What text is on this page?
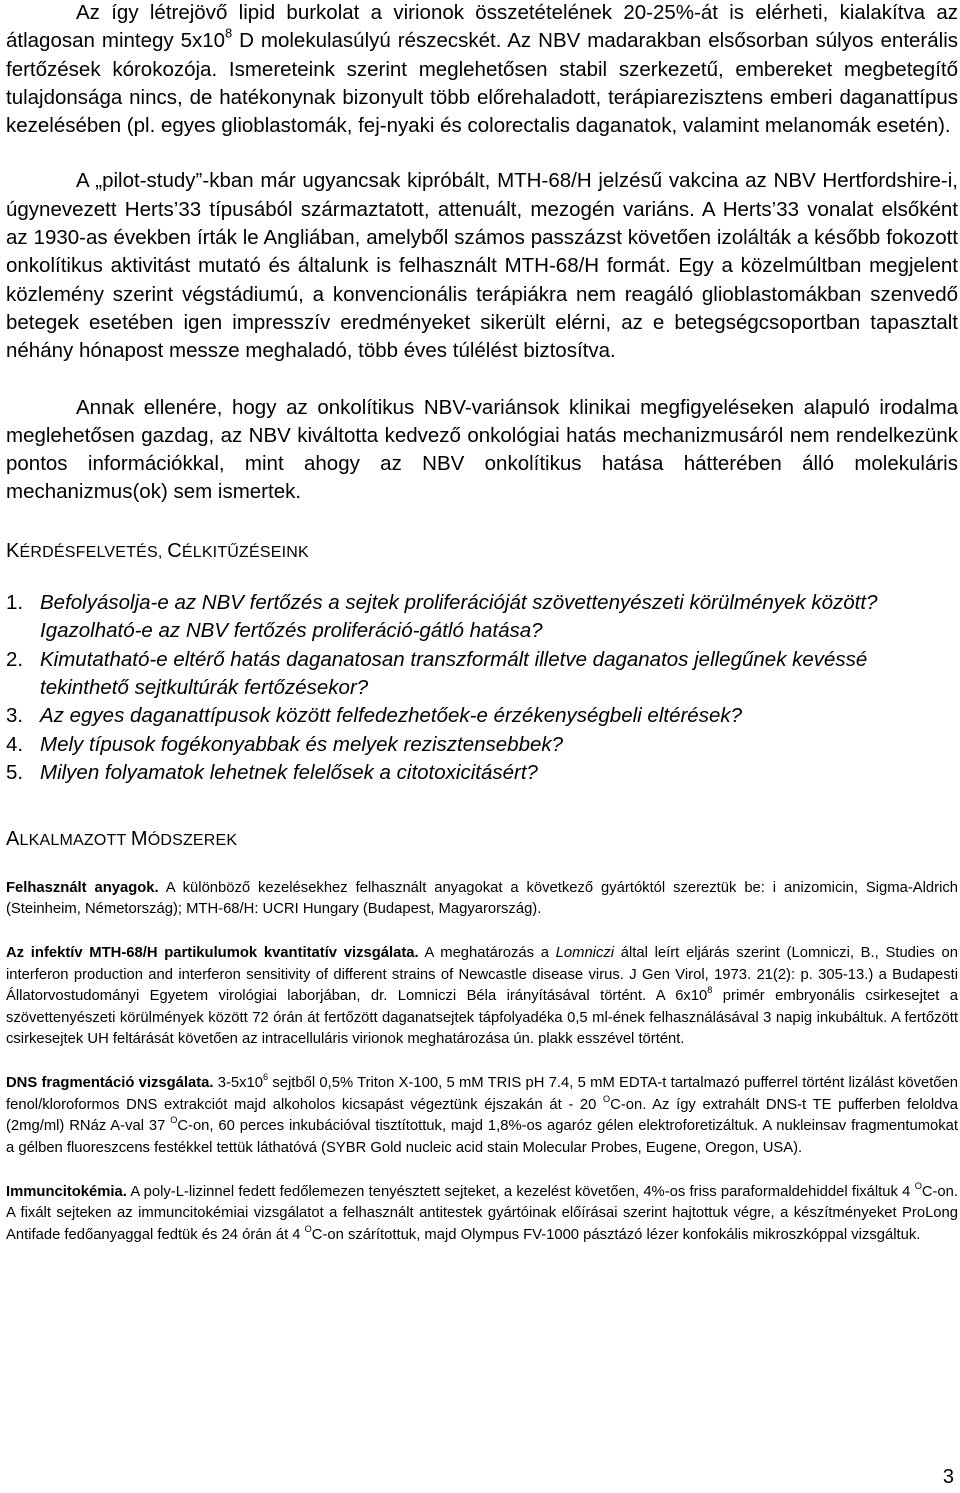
Az így létrejövő lipid burkolat a virionok összetételének 20-25%-át is elérheti, kialakítva az átlagosan mintegy $5x10^8$ D molekulasúlyú részecskét. Az NBV madarakban elsősorban súlyos enterális fertőzések kórokozója. Ismereteink szerint meglehetősen stabil szerkezetű, embereket megbetegítő tulajdonsága nincs, de hatékonynak bizonyult több előrehaladott, terápiarezisztens emberi daganattípus kezelésében (pl. egyes glioblastomák, fej-nyaki és colorectalis daganatok, valamint melanomák esetén).

A „pilot-study”-kban már ugyancsak kipróbált, MTH-68/H jelzésű vakcina az NBV Hertfordshire-i, úgynevezett Herts’33 típusából származtatott, attenuált, mezogén variáns. A Herts’33 vonalat elsőként az 1930-as években írták le Angliában, amelyből számos passzázst követően izolálták a később fokozott onkolítikus aktivitást mutató és általunk is felhasznált MTH-68/H formát. Egy a közelmúltban megjelent közlemény szerint végstádiumú, a konvencionális terápiákra nem reagáló glioblastomákban szenvedő betegek esetében igen impresszív eredményeket sikerült elérni, az e betegségcsoportban tapasztalt néhány hónapost messze meghaladó, több éves túlélést biztosítva.

Annak ellenére, hogy az onkolítikus NBV-variánsok klinikai megfigyeléseken alapuló irodalma meglehetősen gazdag, az NBV kiváltotta kedvező onkológiai hatás mechanizmusáról nem rendelkezünk pontos információkkal, mint ahogy az NBV onkolítikus hatása hátterében álló molekuláris mechanizmus(ok) sem ismertek.

KÉRDÉSFELVETÉS, CÉLKITŰZÉSEINK
1. Befolyásolja-e az NBV fertőzés a sejtek proliferációját szövettenyészeti körülmények között? Igazolható-e az NBV fertőzés proliferáció-gátló hatása?
2. Kimutatható-e eltérő hatás daganatosan transzformált illetve daganatos jellegűnek kevéssé tekinthető sejtkultúrák fertőzésekor?
3. Az egyes daganattípusok között felfedezhetőek-e érzékenységbeli eltérések?
4. Mely típusok fogékonyabbak és melyek rezisztensebbek?
5. Milyen folyamatok lehetnek felelősek a citotoxicitásért?
ALKALMAZOTT MÓDSZEREK

Felhasznált anyagok. A különböző kezelésekhez felhasznált anyagokat a következő gyártóktól szereztük be: i anizomicin, Sigma-Aldrich (Steinheim, Németország); MTH-68/H: UCRI Hungary (Budapest, Magyarország).

Az infektív MTH-68/H partikulumok kvantitatív vizsgálata. A meghatározás a Lomniczi által leírt eljárás szerint (Lomniczi, B., Studies on interferon production and interferon sensitivity of different strains of Newcastle disease virus. J Gen Virol, 1973. 21(2): p. 305-13.) a Budapesti Állatorvostudományi Egyetem virológiai laborjában, dr. Lomniczi Béla irányításával történt. A $6x10^8$ primér embryonális csirkesejtet a szövettenyészeti körülmények között 72 órán át fertőzött daganatsejtek tápfolyadéka 0,5 ml-ének felhasználásával 3 napig inkubáltuk. A fertőzött csirkesejtek UH feltárását követően az intracelluláris virionok meghatározása ún. plakk esszével történt.

DNS fragmentáció vizsgálata. $3-5x10^6$ sejtből 0,5% Triton X-100, 5 mM TRIS pH 7.4, 5 mM EDTA-t tartalmazó pufferrel történt lizálást követően fenol/kloroformos DNS extrakciót majd alkoholos kicsapást végeztünk éjszakán át - 20 $^O$C-on. Az így extrahált DNS-t TE pufferben feloldva (2mg/ml) RNáz A-val 37 $^O$C-on, 60 perces inkubációval tisztítottuk, majd 1,8%-os agaróz gélen elektroforetizáltuk. A nukleinsav fragmentumokat a gélben fluoreszcens festékkel tettük láthatóvá (SYBR Gold nucleic acid stain Molecular Probes, Eugene, Oregon, USA).

Immuncitokémia. A poly-L-lizinnel fedett fedőlemezen tenyésztett sejteket, a kezelést követően, 4%-os friss paraformaldehiddel fixáltuk 4 $^O$C-on. A fixált sejteken az immuncitokémiai vizsgálatot a felhasznált antitestek gyártóinak előírásai szerint hajtottuk végre, a készítményeket ProLong Antifade fedőanyaggal fedtük és 24 órán át 4 $^O$C-on szárítottuk, majd Olympus FV-1000 pásztázó lézer konfokális mikroszkóppal vizsgáltuk.

3
